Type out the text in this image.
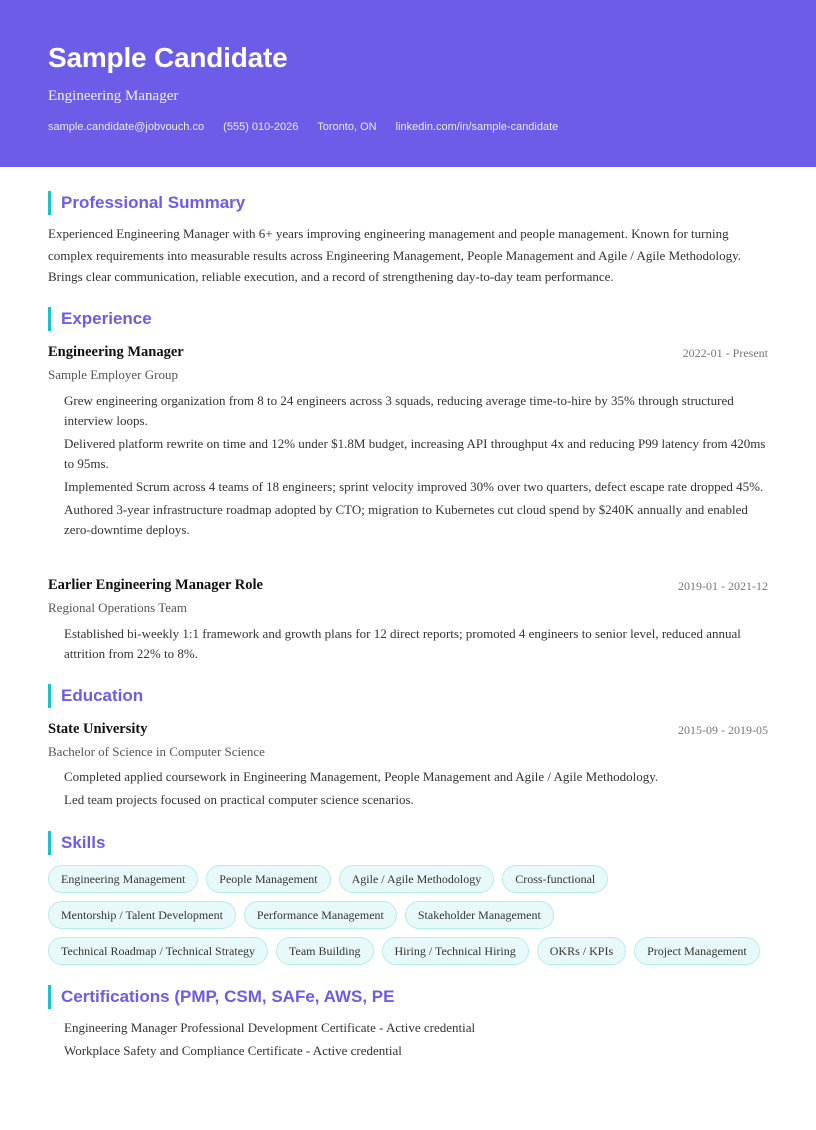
Sample Candidate
Engineering Manager
sample.candidate@jobvouch.co (555) 010-2026 Toronto, ON linkedin.com/in/sample-candidate
Professional Summary
Experienced Engineering Manager with 6+ years improving engineering management and people management. Known for turning
complex requirements into measurable results across Engineering Management, People Management and Agile / Agile Methodology.
Brings clear communication, reliable execution, and a record of strengthening day-to-day team performance.
Experience
Engineering Manager	2022-01 - Present
Sample Employer Group
Grew engineering organization from 8 to 24 engineers across 3 squads, reducing average time-to-hire by 35% through structured interview loops.
Delivered platform rewrite on time and 12% under $1.8M budget, increasing API throughput 4x and reducing P99 latency from 420ms to 95ms.
Implemented Scrum across 4 teams of 18 engineers; sprint velocity improved 30% over two quarters, defect escape rate dropped 45%.
Authored 3-year infrastructure roadmap adopted by CTO; migration to Kubernetes cut cloud spend by $240K annually and enabled zero-downtime deploys.
Earlier Engineering Manager Role	2019-01 - 2021-12
Regional Operations Team
Established bi-weekly 1:1 framework and growth plans for 12 direct reports; promoted 4 engineers to senior level, reduced annual attrition from 22% to 8%.
Education
State University	2015-09 - 2019-05
Bachelor of Science in Computer Science
Completed applied coursework in Engineering Management, People Management and Agile / Agile Methodology.
Led team projects focused on practical computer science scenarios.
Skills
Engineering Management	People Management	Agile / Agile Methodology	Cross-functional
Mentorship / Talent Development	Performance Management	Stakeholder Management
Technical Roadmap / Technical Strategy	Team Building	Hiring / Technical Hiring	OKRs / KPIs	Project Management
Certifications (PMP, CSM, SAFe, AWS, PE
Engineering Manager Professional Development Certificate - Active credential
Workplace Safety and Compliance Certificate - Active credential
